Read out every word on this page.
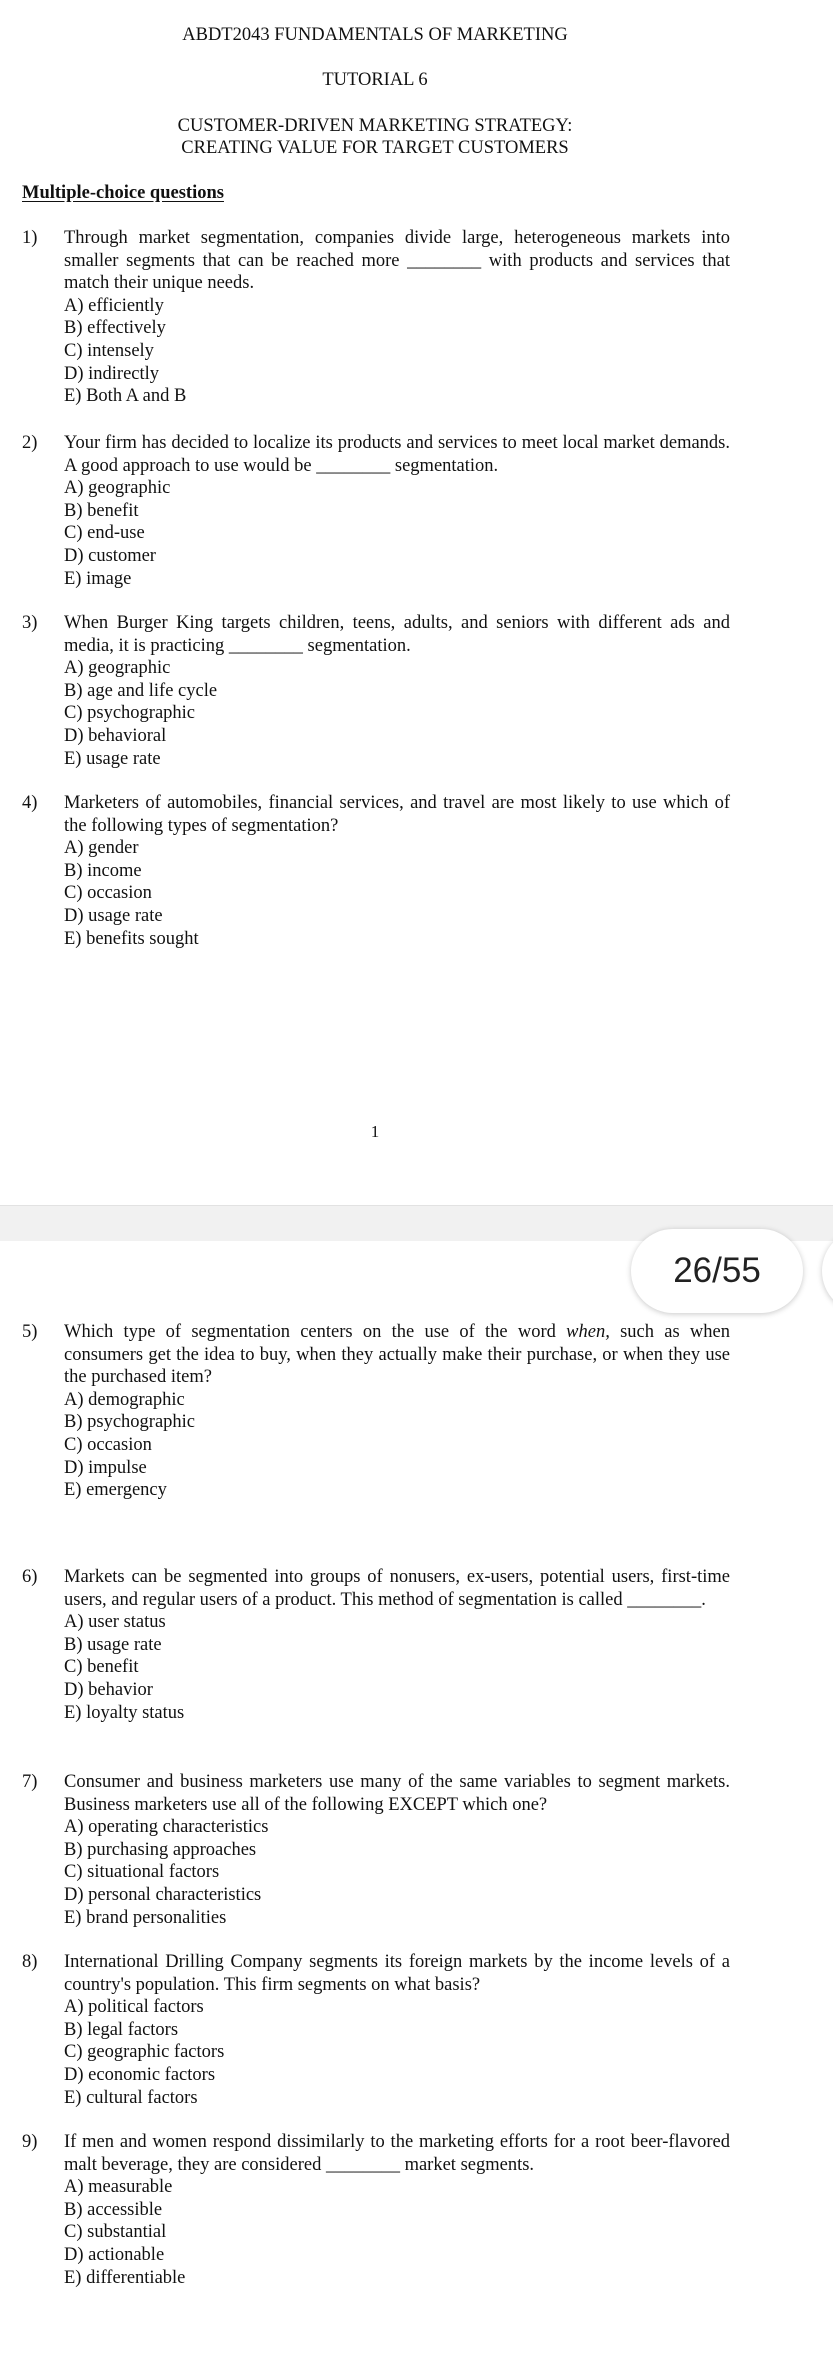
ABDT2043 FUNDAMENTALS OF MARKETING
TUTORIAL 6
CUSTOMER-DRIVEN MARKETING STRATEGY:
CREATING VALUE FOR TARGET CUSTOMERS
Multiple-choice questions
1) Through market segmentation, companies divide large, heterogeneous markets into smaller segments that can be reached more ________ with products and services that match their unique needs.
A) efficiently
B) effectively
C) intensely
D) indirectly
E) Both A and B
2) Your firm has decided to localize its products and services to meet local market demands. A good approach to use would be ________ segmentation.
A) geographic
B) benefit
C) end-use
D) customer
E) image
3) When Burger King targets children, teens, adults, and seniors with different ads and media, it is practicing ________ segmentation.
A) geographic
B) age and life cycle
C) psychographic
D) behavioral
E) usage rate
4) Marketers of automobiles, financial services, and travel are most likely to use which of the following types of segmentation?
A) gender
B) income
C) occasion
D) usage rate
E) benefits sought
1
5) Which type of segmentation centers on the use of the word when, such as when consumers get the idea to buy, when they actually make their purchase, or when they use the purchased item?
A) demographic
B) psychographic
C) occasion
D) impulse
E) emergency
6) Markets can be segmented into groups of nonusers, ex-users, potential users, first-time users, and regular users of a product. This method of segmentation is called ________.
A) user status
B) usage rate
C) benefit
D) behavior
E) loyalty status
7) Consumer and business marketers use many of the same variables to segment markets. Business marketers use all of the following EXCEPT which one?
A) operating characteristics
B) purchasing approaches
C) situational factors
D) personal characteristics
E) brand personalities
8) International Drilling Company segments its foreign markets by the income levels of a country's population. This firm segments on what basis?
A) political factors
B) legal factors
C) geographic factors
D) economic factors
E) cultural factors
9) If men and women respond dissimilarly to the marketing efforts for a root beer-flavored malt beverage, they are considered ________ market segments.
A) measurable
B) accessible
C) substantial
D) actionable
E) differentiable
26/55
